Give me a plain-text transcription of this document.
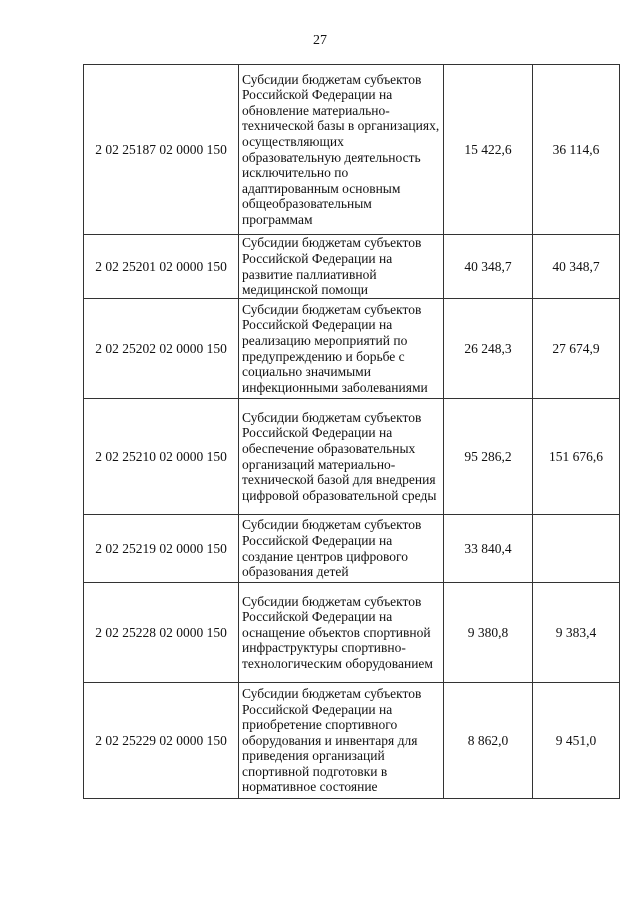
27
2 02 25187 02 0000 150	Субсидии бюджетам субъектов Российской Федерации на обновление материально-технической базы в организациях, осуществляющих образовательную деятельность исключительно по адаптированным основным общеобразовательным программам	15 422,6	36 114,6
2 02 25201 02 0000 150	Субсидии бюджетам субъектов Российской Федерации на развитие паллиативной медицинской помощи	40 348,7	40 348,7
2 02 25202 02 0000 150	Субсидии бюджетам субъектов Российской Федерации на реализацию мероприятий по предупреждению и борьбе с социально значимыми инфекционными заболеваниями	26 248,3	27 674,9
2 02 25210 02 0000 150	Субсидии бюджетам субъектов Российской Федерации на обеспечение образовательных организаций материально-технической базой для внедрения цифровой образовательной среды	95 286,2	151 676,6
2 02 25219 02 0000 150	Субсидии бюджетам субъектов Российской Федерации на создание центров цифрового образования детей	33 840,4	
2 02 25228 02 0000 150	Субсидии бюджетам субъектов Российской Федерации на оснащение объектов спортивной инфраструктуры спортивно-технологическим оборудованием	9 380,8	9 383,4
2 02 25229 02 0000 150	Субсидии бюджетам субъектов Российской Федерации на приобретение спортивного оборудования и инвентаря для приведения организаций спортивной подготовки в нормативное состояние	8 862,0	9 451,0
